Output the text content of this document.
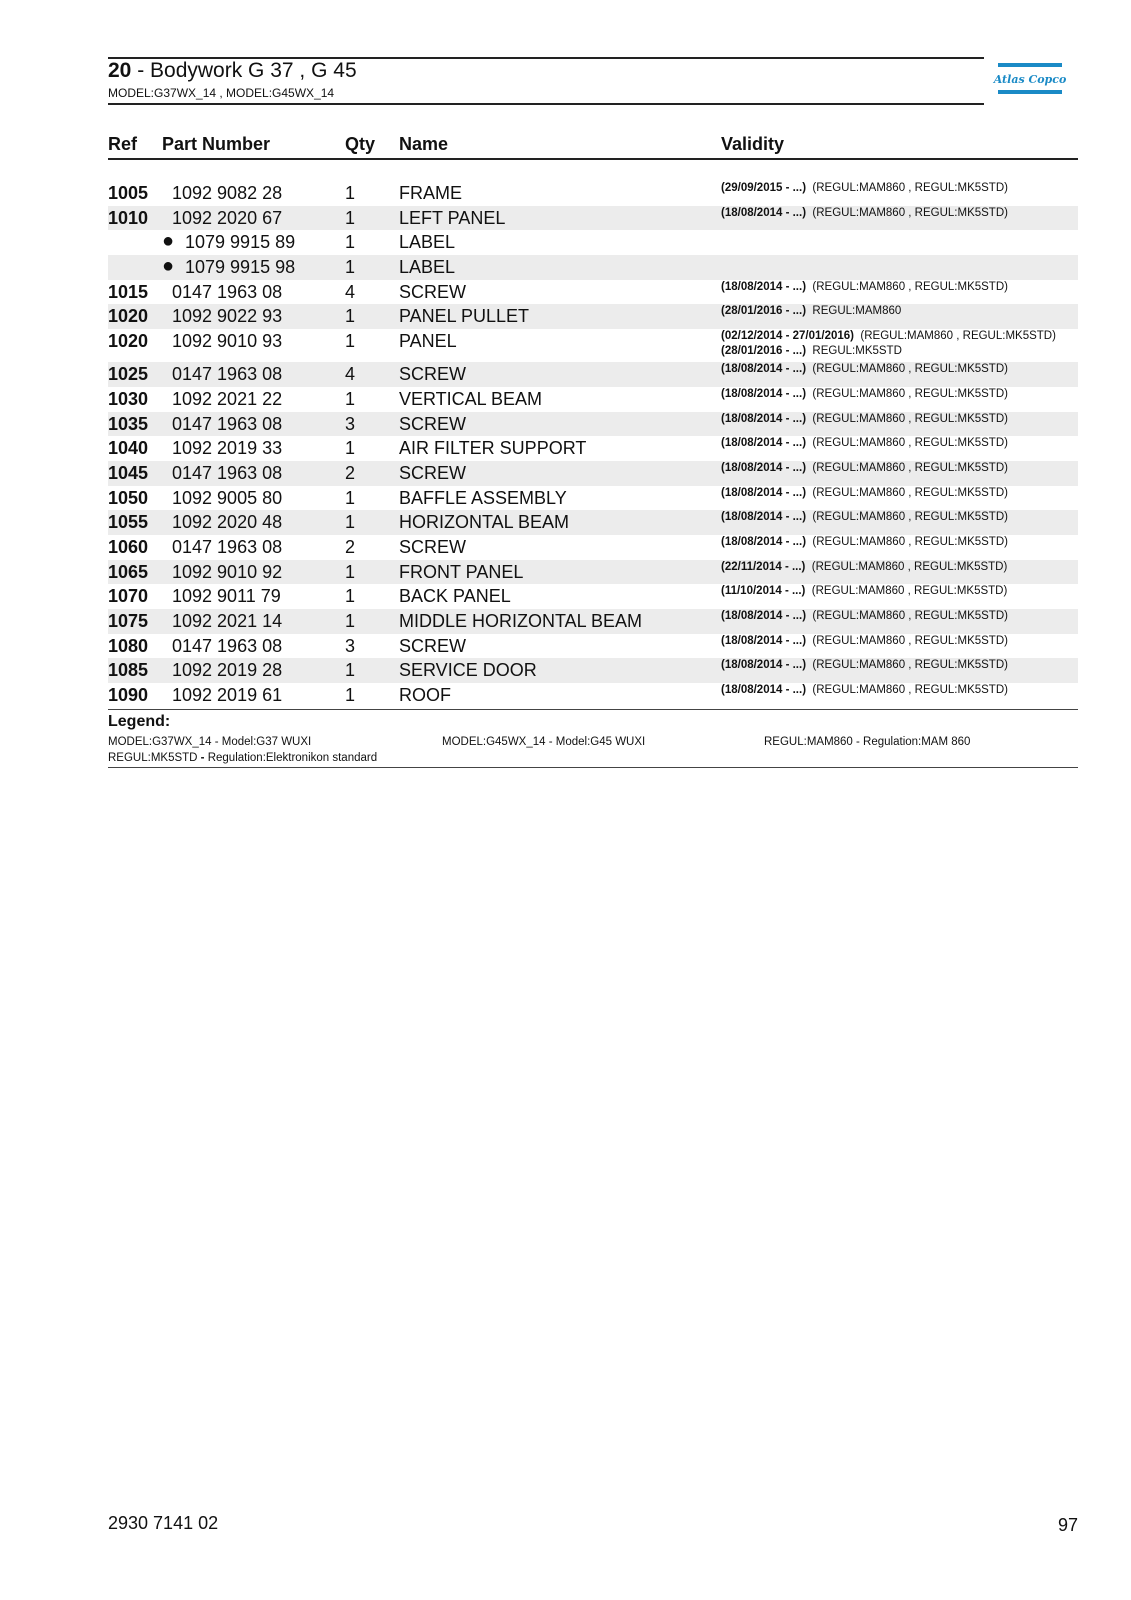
20 - Bodywork G 37 , G 45
MODEL:G37WX_14 , MODEL:G45WX_14
Atlas Copco
Ref Part Number	Qty Name	Validity
1005 1092 9082 28	1 FRAME	(29/09/2015 - ...) (REGUL:MAM860 , REGUL:MK5STD)
1010 1092 2020 67	1 LEFT PANEL	(18/08/2014 - ...) (REGUL:MAM860 , REGUL:MK5STD)
● 1079 9915 89	1 LABEL
● 1079 9915 98	1 LABEL
1015 0147 1963 08	4 SCREW	(18/08/2014 - ...) (REGUL:MAM860 , REGUL:MK5STD)
1020 1092 9022 93	1 PANEL PULLET	(28/01/2016 - ...) REGUL:MAM860
1020 1092 9010 93	1 PANEL	(02/12/2014 - 27/01/2016) (REGUL:MAM860 , REGUL:MK5STD)

(28/01/2016 - ...) REGUL:MK5STD
1025 0147 1963 08	4 SCREW	(18/08/2014 - ...) (REGUL:MAM860 , REGUL:MK5STD)
1030 1092 2021 22	1 VERTICAL BEAM	(18/08/2014 - ...) (REGUL:MAM860 , REGUL:MK5STD)
1035 0147 1963 08	3 SCREW	(18/08/2014 - ...) (REGUL:MAM860 , REGUL:MK5STD)
1040 1092 2019 33	1 AIR FILTER SUPPORT	(18/08/2014 - ...) (REGUL:MAM860 , REGUL:MK5STD)
1045 0147 1963 08	2 SCREW	(18/08/2014 - ...) (REGUL:MAM860 , REGUL:MK5STD)
1050 1092 9005 80	1 BAFFLE ASSEMBLY	(18/08/2014 - ...) (REGUL:MAM860 , REGUL:MK5STD)
1055 1092 2020 48	1 HORIZONTAL BEAM	(18/08/2014 - ...) (REGUL:MAM860 , REGUL:MK5STD)
1060 0147 1963 08	2 SCREW	(18/08/2014 - ...) (REGUL:MAM860 , REGUL:MK5STD)
1065 1092 9010 92	1 FRONT PANEL	(22/11/2014 - ...) (REGUL:MAM860 , REGUL:MK5STD)
1070 1092 9011 79	1 BACK PANEL	(11/10/2014 - ...) (REGUL:MAM860 , REGUL:MK5STD)
1075 1092 2021 14	1 MIDDLE HORIZONTAL BEAM	(18/08/2014 - ...) (REGUL:MAM860 , REGUL:MK5STD)
1080 0147 1963 08	3 SCREW	(18/08/2014 - ...) (REGUL:MAM860 , REGUL:MK5STD)
1085 1092 2019 28	1 SERVICE DOOR	(18/08/2014 - ...) (REGUL:MAM860 , REGUL:MK5STD)
1090 1092 2019 61	1 ROOF	(18/08/2014 - ...) (REGUL:MAM860 , REGUL:MK5STD)
Legend:
MODEL:G37WX_14 - Model:G37 WUXI	MODEL:G45WX_14 - Model:G45 WUXI	REGUL:MAM860 - Regulation:MAM 860
REGUL:MK5STD - Regulation:Elektronikon standard
2930 7141 02	97
